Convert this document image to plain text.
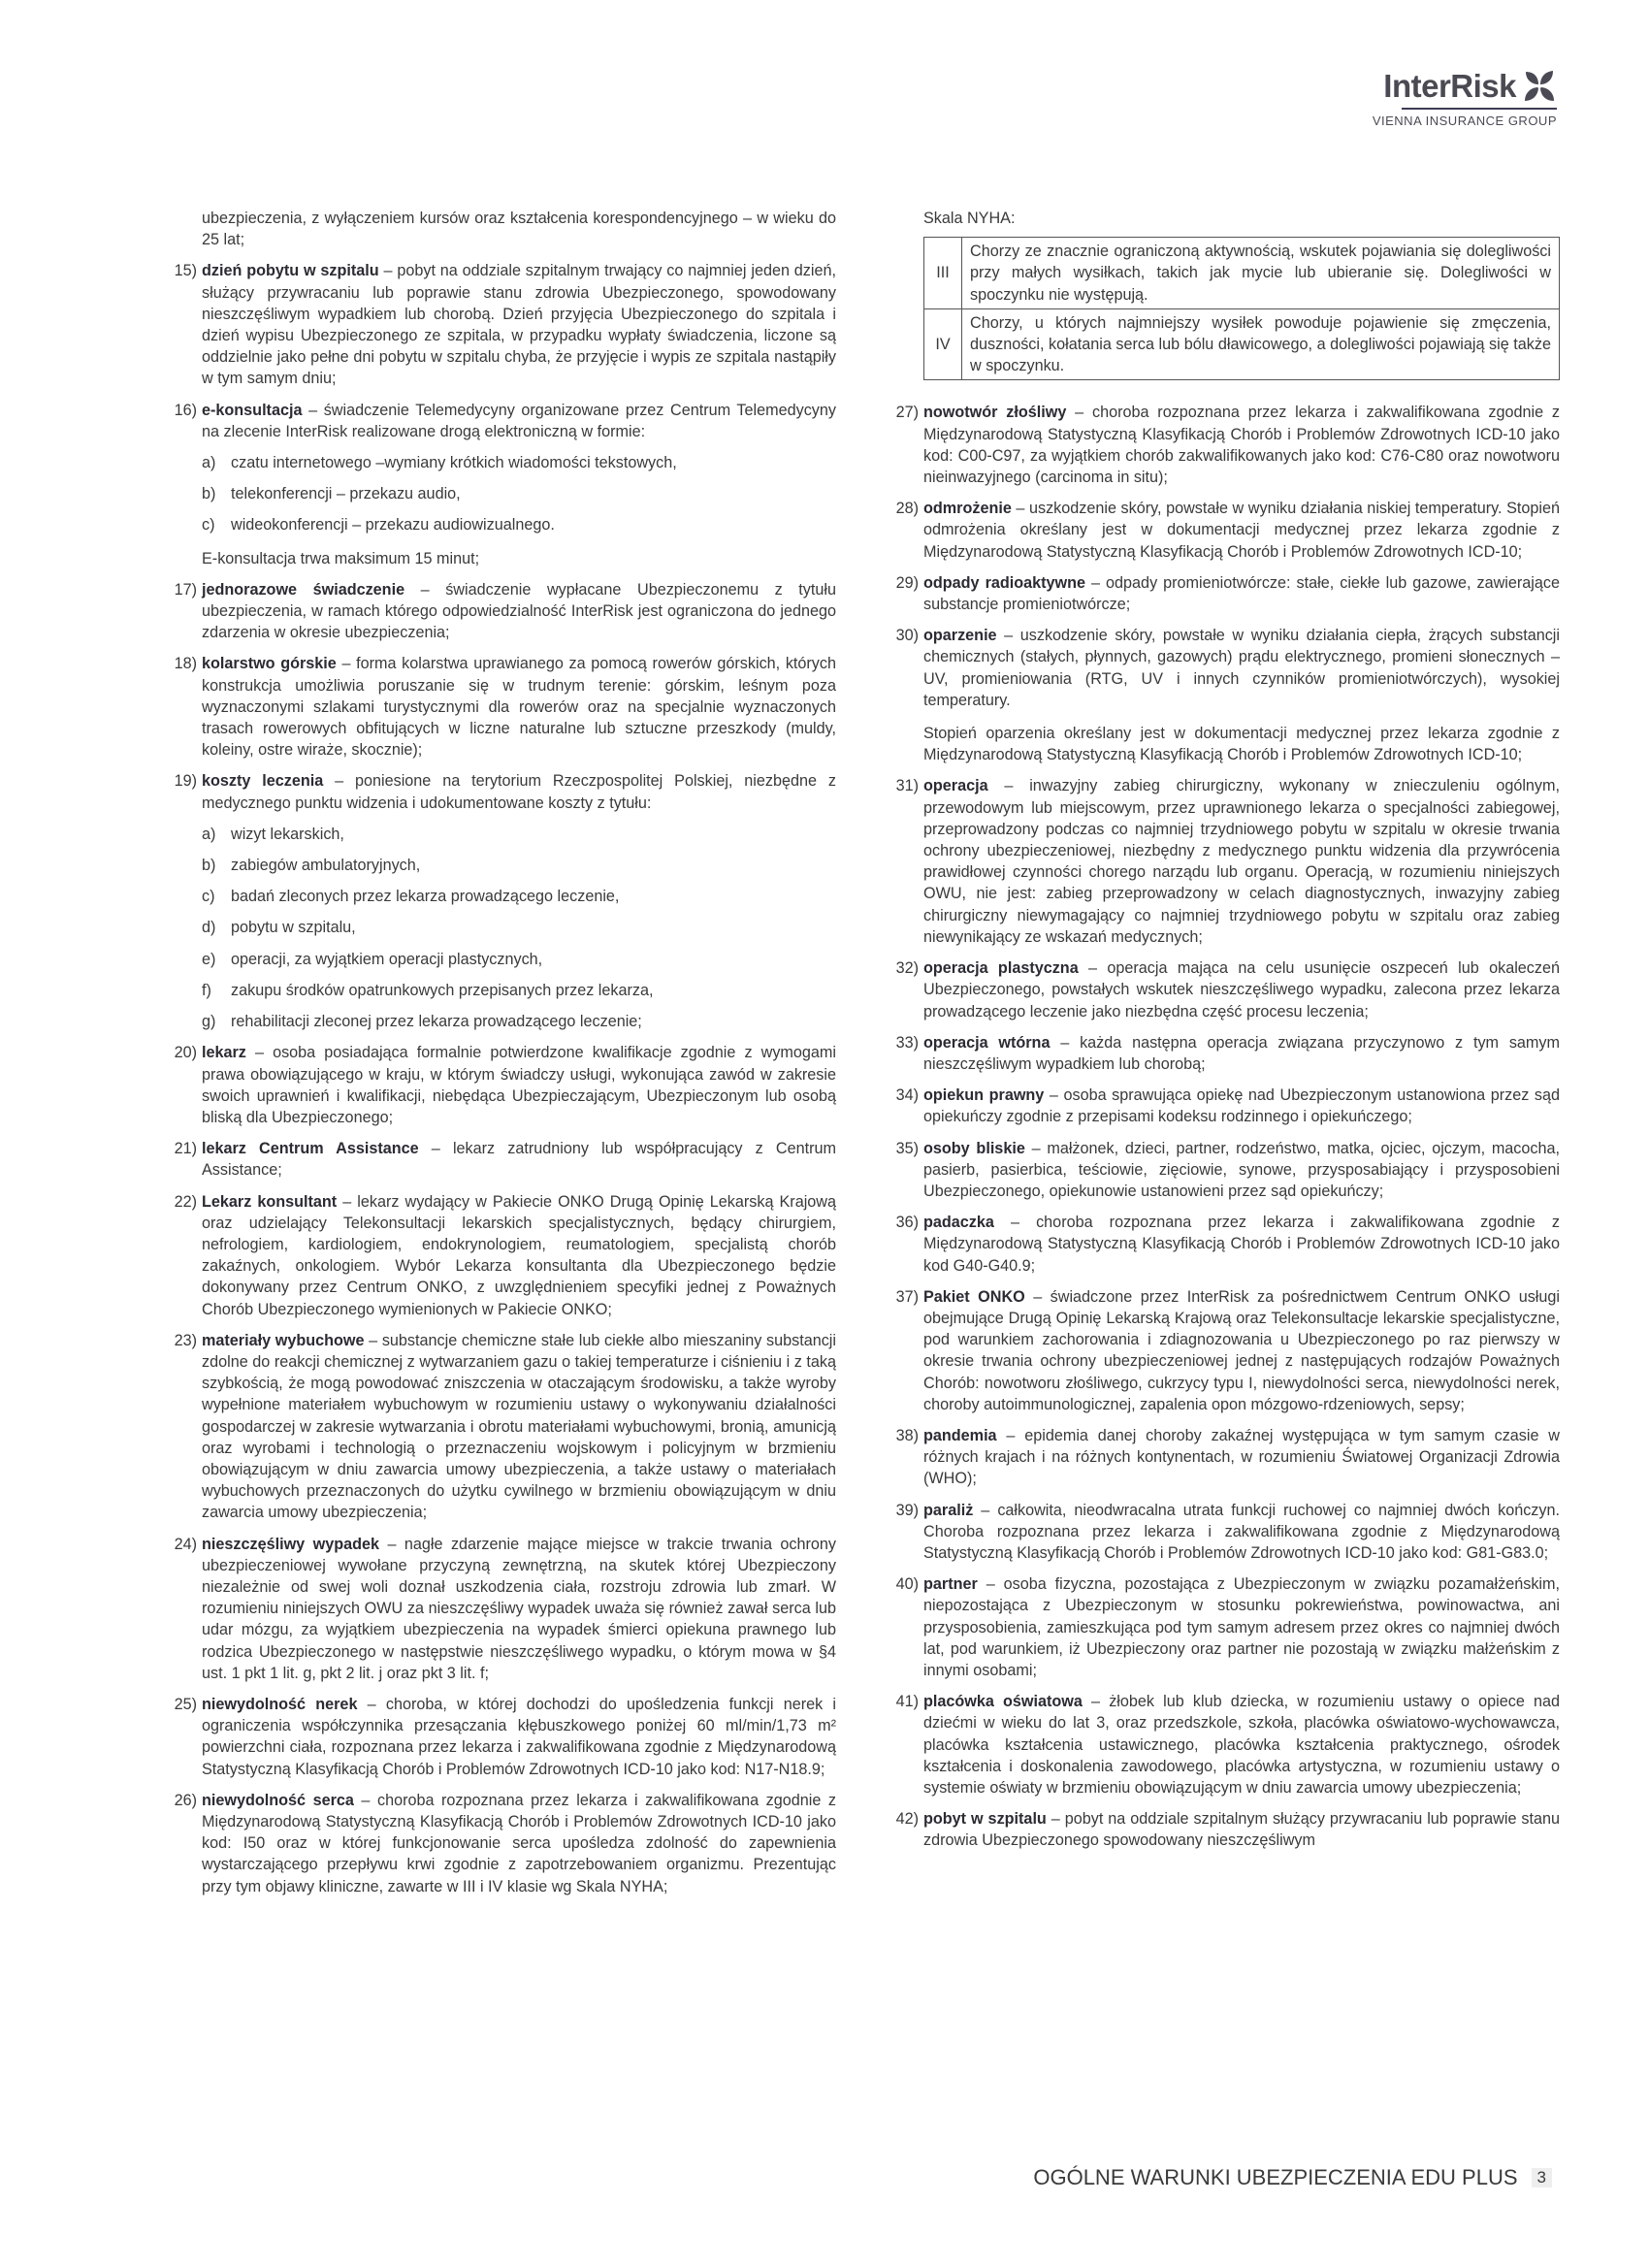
InterRisk
VIENNA INSURANCE GROUP
ubezpieczenia, z wyłączeniem kursów oraz kształcenia korespondencyjnego – w wieku do 25 lat;
15) dzień pobytu w szpitalu – pobyt na oddziale szpitalnym trwający co najmniej jeden dzień, służący przywracaniu lub poprawie stanu zdrowia Ubezpieczonego, spowodowany nieszczęśliwym wypadkiem lub chorobą. Dzień przyjęcia Ubezpieczonego do szpitala i dzień wypisu Ubezpieczonego ze szpitala, w przypadku wypłaty świadczenia, liczone są oddzielnie jako pełne dni pobytu w szpitalu chyba, że przyjęcie i wypis ze szpitala nastąpiły w tym samym dniu;
16) e-konsultacja – świadczenie Telemedycyny organizowane przez Centrum Telemedycyny na zlecenie InterRisk realizowane drogą elektroniczną w formie:
a) czatu internetowego –wymiany krótkich wiadomości tekstowych,
b) telekonferencji – przekazu audio,
c)	wideokonferencji – przekazu audiowizualnego.
E-konsultacja trwa maksimum 15 minut;
17) jednorazowe świadczenie – świadczenie wypłacane Ubezpieczonemu z tytułu ubezpieczenia, w ramach którego odpowiedzialność InterRisk jest ograniczona do jednego zdarzenia w okresie ubezpieczenia;
18) kolarstwo górskie – forma kolarstwa uprawianego za pomocą rowerów górskich, których konstrukcja umożliwia poruszanie się w trudnym terenie: górskim, leśnym poza wyznaczonymi szlakami turystycznymi dla rowerów oraz na specjalnie wyznaczonych trasach rowerowych obfitujących w liczne naturalne lub sztuczne przeszkody (muldy, koleiny, ostre wiraże, skocznie);
19) koszty leczenia – poniesione na terytorium Rzeczpospolitej Polskiej, niezbędne z medycznego punktu widzenia i udokumentowane koszty z tytułu:
a) wizyt lekarskich,
b) zabiegów ambulatoryjnych,
c)	badań zleconych przez lekarza prowadzącego leczenie,
d) pobytu w szpitalu,
e) operacji, za wyjątkiem operacji plastycznych,
f)	zakupu środków opatrunkowych przepisanych przez lekarza,
g) rehabilitacji zleconej przez lekarza prowadzącego leczenie;
20) lekarz – osoba posiadająca formalnie potwierdzone kwalifikacje zgodnie z wymogami prawa obowiązującego w kraju, w którym świadczy usługi, wykonująca zawód w zakresie swoich uprawnień i kwalifikacji, niebędąca Ubezpieczającym, Ubezpieczonym lub osobą bliską dla Ubezpieczonego;
21) lekarz Centrum Assistance – lekarz zatrudniony lub współpracujący z Centrum Assistance;
22) Lekarz konsultant – lekarz wydający w Pakiecie ONKO Drugą Opinię Lekarską Krajową oraz udzielający Telekonsultacji lekarskich specjalistycznych, będący chirurgiem, nefrologiem, kardiologiem, endokrynologiem, reumatologiem, specjalistą chorób zakaźnych, onkologiem. Wybór Lekarza konsultanta dla Ubezpieczonego będzie dokonywany przez Centrum ONKO, z uwzględnieniem specyfiki jednej z Poważnych Chorób Ubezpieczonego wymienionych w Pakiecie ONKO;
23) materiały wybuchowe – substancje chemiczne stałe lub ciekłe albo mieszaniny substancji zdolne do reakcji chemicznej z wytwarzaniem gazu o takiej temperaturze i ciśnieniu i z taką szybkością, że mogą powodować zniszczenia w otaczającym środowisku, a także wyroby wypełnione materiałem wybuchowym w rozumieniu ustawy o wykonywaniu działalności gospodarczej w zakresie wytwarzania i obrotu materiałami wybuchowymi, bronią, amunicją oraz wyrobami i technologią o przeznaczeniu wojskowym i policyjnym w brzmieniu obowiązującym w dniu zawarcia umowy ubezpieczenia, a także ustawy o materiałach wybuchowych przeznaczonych do użytku cywilnego w brzmieniu obowiązującym w dniu zawarcia umowy ubezpieczenia;
24) nieszczęśliwy wypadek – nagłe zdarzenie mające miejsce w trakcie trwania ochrony ubezpieczeniowej wywołane przyczyną zewnętrzną, na skutek której Ubezpieczony niezależnie od swej woli doznał uszkodzenia ciała, rozstroju zdrowia lub zmarł. W rozumieniu niniejszych OWU za nieszczęśliwy wypadek uważa się również zawał serca lub udar mózgu, za wyjątkiem ubezpieczenia na wypadek śmierci opiekuna prawnego lub rodzica Ubezpieczonego w następstwie nieszczęśliwego wypadku, o którym mowa w §4 ust. 1 pkt 1 lit. g, pkt 2 lit. j oraz pkt 3 lit. f;
25) niewydolność nerek – choroba, w której dochodzi do upośledzenia funkcji nerek i ograniczenia współczynnika przesączania kłębuszkowego poniżej 60 ml/min/1,73 m² powierzchni ciała, rozpoznana przez lekarza i zakwalifikowana zgodnie z Międzynarodową Statystyczną Klasyfikacją Chorób i Problemów Zdrowotnych ICD-10 jako kod: N17-N18.9;
26) niewydolność serca – choroba rozpoznana przez lekarza i zakwalifikowana zgodnie z Międzynarodową Statystyczną Klasyfikacją Chorób i Problemów Zdrowotnych ICD-10 jako kod: I50 oraz w której funkcjonowanie serca upośledza zdolność do zapewnienia wystarczającego przepływu krwi zgodnie z zapotrzebowaniem organizmu. Prezentując przy tym objawy kliniczne, zawarte w III i IV klasie wg Skala NYHA;
Skala NYHA:
III	Chorzy ze znacznie ograniczoną aktywnością, wskutek pojawiania się dolegliwości przy małych wysiłkach, takich jak mycie lub ubieranie się. Dolegliwości w spoczynku nie występują.
IV	Chorzy, u których najmniejszy wysiłek powoduje pojawienie się zmęczenia, duszności, kołatania serca lub bólu dławicowego, a dolegliwości pojawiają się także w spoczynku.
27) nowotwór złośliwy – choroba rozpoznana przez lekarza i zakwalifikowana zgodnie z Międzynarodową Statystyczną Klasyfikacją Chorób i Problemów Zdrowotnych ICD-10 jako kod: C00-C97, za wyjątkiem chorób zakwalifikowanych jako kod: C76-C80 oraz nowotworu nieinwazyjnego (carcinoma in situ);
28) odmrożenie – uszkodzenie skóry, powstałe w wyniku działania niskiej temperatury. Stopień odmrożenia określany jest w dokumentacji medycznej przez lekarza zgodnie z Międzynarodową Statystyczną Klasyfikacją Chorób i Problemów Zdrowotnych ICD-10;
29) odpady radioaktywne – odpady promieniotwórcze: stałe, ciekłe lub gazowe, zawierające substancje promieniotwórcze;
30) oparzenie – uszkodzenie skóry, powstałe w wyniku działania ciepła, żrących substancji chemicznych (stałych, płynnych, gazowych) prądu elektrycznego, promieni słonecznych – UV, promieniowania (RTG, UV i innych czynników promieniotwórczych), wysokiej temperatury.
Stopień oparzenia określany jest w dokumentacji medycznej przez lekarza zgodnie z Międzynarodową Statystyczną Klasyfikacją Chorób i Problemów Zdrowotnych ICD-10;
31) operacja – inwazyjny zabieg chirurgiczny, wykonany w znieczuleniu ogólnym, przewodowym lub miejscowym, przez uprawnionego lekarza o specjalności zabiegowej, przeprowadzony podczas co najmniej trzydniowego pobytu w szpitalu w okresie trwania ochrony ubezpieczeniowej, niezbędny z medycznego punktu widzenia dla przywrócenia prawidłowej czynności chorego narządu lub organu. Operacją, w rozumieniu niniejszych OWU, nie jest: zabieg przeprowadzony w celach diagnostycznych, inwazyjny zabieg chirurgiczny niewymagający co najmniej trzydniowego pobytu w szpitalu oraz zabieg niewynikający ze wskazań medycznych;
32) operacja plastyczna – operacja mająca na celu usunięcie oszpeceń lub okaleczeń Ubezpieczonego, powstałych wskutek nieszczęśliwego wypadku, zalecona przez lekarza prowadzącego leczenie jako niezbędna część procesu leczenia;
33) operacja wtórna – każda następna operacja związana przyczynowo z tym samym nieszczęśliwym wypadkiem lub chorobą;
34) opiekun prawny – osoba sprawująca opiekę nad Ubezpieczonym ustanowiona przez sąd opiekuńczy zgodnie z przepisami kodeksu rodzinnego i opiekuńczego;
35) osoby bliskie – małżonek, dzieci, partner, rodzeństwo, matka, ojciec, ojczym, macocha, pasierb, pasierbica, teściowie, zięciowie, synowe, przysposabiający i przysposobieni Ubezpieczonego, opiekunowie ustanowieni przez sąd opiekuńczy;
36) padaczka – choroba rozpoznana przez lekarza i zakwalifikowana zgodnie z Międzynarodową Statystyczną Klasyfikacją Chorób i Problemów Zdrowotnych ICD-10 jako kod G40-G40.9;
37) Pakiet ONKO – świadczone przez InterRisk za pośrednictwem Centrum ONKO usługi obejmujące Drugą Opinię Lekarską Krajową oraz Telekonsultacje lekarskie specjalistyczne, pod warunkiem zachorowania i zdiagnozowania u Ubezpieczonego po raz pierwszy w okresie trwania ochrony ubezpieczeniowej jednej z następujących rodzajów Poważnych Chorób: nowotworu złośliwego, cukrzycy typu I, niewydolności serca, niewydolności nerek, choroby autoimmunologicznej, zapalenia opon mózgowo-rdzeniowych, sepsy;
38) pandemia – epidemia danej choroby zakaźnej występująca w tym samym czasie w różnych krajach i na różnych kontynentach, w rozumieniu Światowej Organizacji Zdrowia (WHO);
39) paraliż – całkowita, nieodwracalna utrata funkcji ruchowej co najmniej dwóch kończyn. Choroba rozpoznana przez lekarza i zakwalifikowana zgodnie z Międzynarodową Statystyczną Klasyfikacją Chorób i Problemów Zdrowotnych ICD-10 jako kod: G81-G83.0;
40) partner – osoba fizyczna, pozostająca z Ubezpieczonym w związku pozamałżeńskim, niepozostająca z Ubezpieczonym w stosunku pokrewieństwa, powinowactwa, ani przysposobienia, zamieszkująca pod tym samym adresem przez okres co najmniej dwóch lat, pod warunkiem, iż Ubezpieczony oraz partner nie pozostają w związku małżeńskim z innymi osobami;
41) placówka oświatowa – żłobek lub klub dziecka, w rozumieniu ustawy o opiece nad dziećmi w wieku do lat 3, oraz przedszkole, szkoła, placówka oświatowo-wychowawcza, placówka kształcenia ustawicznego, placówka kształcenia praktycznego, ośrodek kształcenia i doskonalenia zawodowego, placówka artystyczna, w rozumieniu ustawy o systemie oświaty w brzmieniu obowiązującym w dniu zawarcia umowy ubezpieczenia;
42) pobyt w szpitalu – pobyt na oddziale szpitalnym służący przywracaniu lub poprawie stanu zdrowia Ubezpieczonego spowodowany nieszczęśliwym
OGÓLNE WARUNKI UBEZPIECZENIA EDU PLUS	3
